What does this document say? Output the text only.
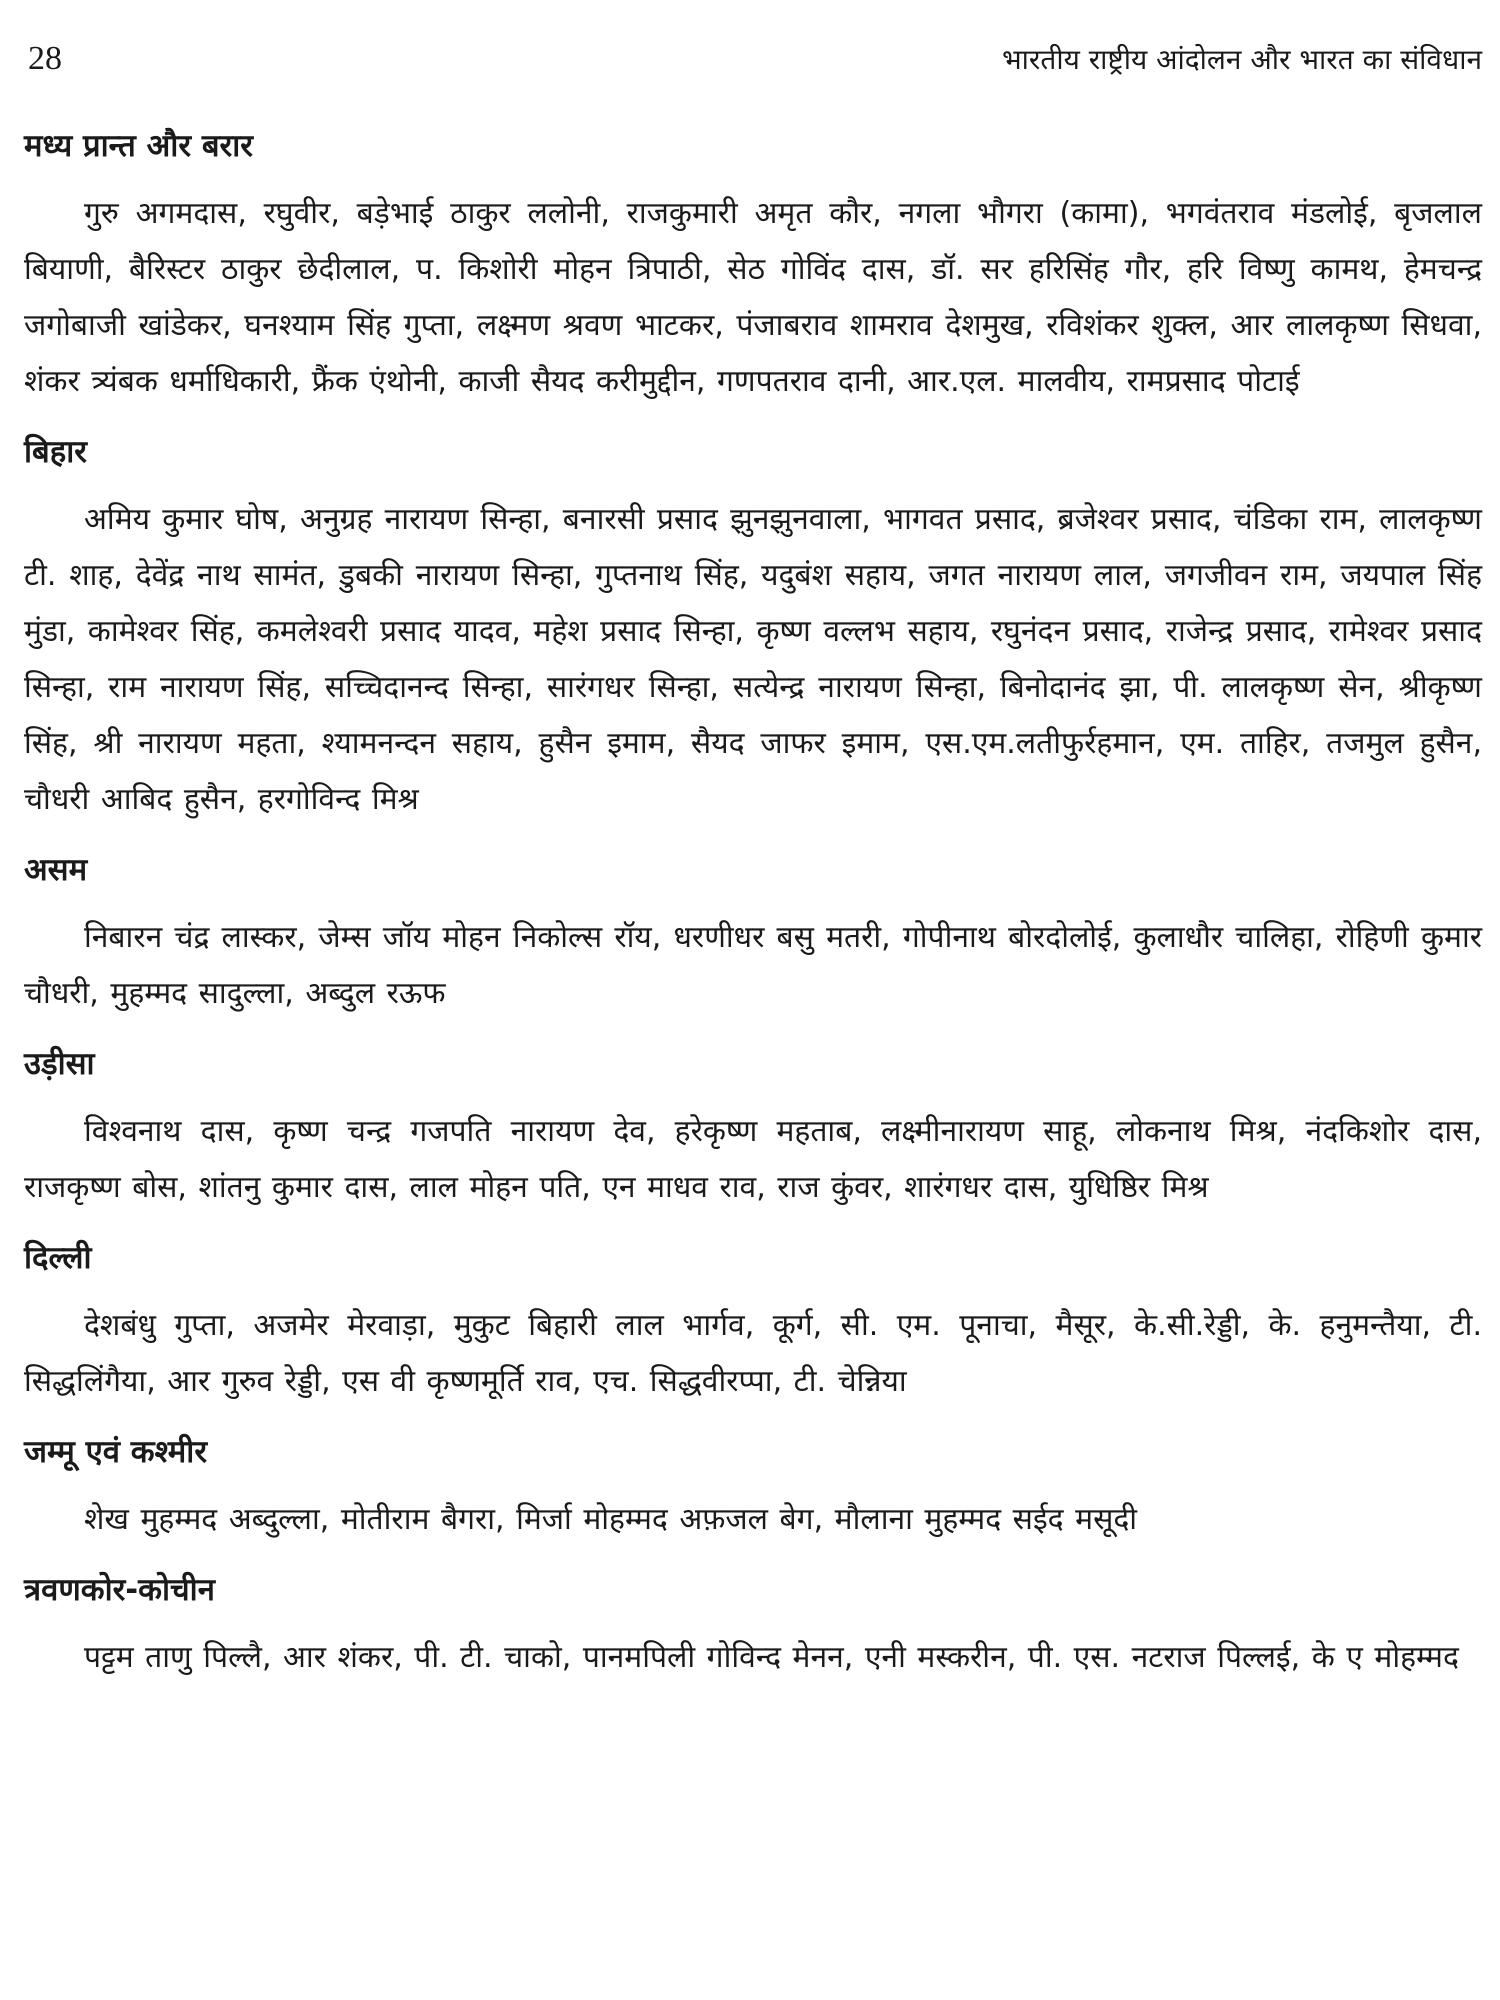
28	भारतीय राष्ट्रीय आंदोलन और भारत का संविधान
मध्य प्रान्त और बरार

गुरु अगमदास, रघुवीर, बड़ेभाई ठाकुर ललोनी, राजकुमारी अमृत कौर, नगला भौगरा (कामा), भगवंतराव मंडलोई, बृजलाल बियाणी, बैरिस्टर ठाकुर छेदीलाल, प. किशोरी मोहन त्रिपाठी, सेठ गोविंद दास, डॉ. सर हरिसिंह गौर, हरि विष्णु कामथ, हेमचन्द्र जगोबाजी खांडेकर, घनश्याम सिंह गुप्ता, लक्ष्मण श्रवण भाटकर, पंजाबराव शामराव देशमुख, रविशंकर शुक्ल, आर लालकृष्ण सिधवा, शंकर त्र्यंबक धर्माधिकारी, फ्रैंक एंथोनी, काजी सैयद करीमुद्दीन, गणपतराव दानी, आर.एल. मालवीय, रामप्रसाद पोटाई

बिहार

अमिय कुमार घोष, अनुग्रह नारायण सिन्हा, बनारसी प्रसाद झुनझुनवाला, भागवत प्रसाद, ब्रजेश्वर प्रसाद, चंडिका राम, लालकृष्ण टी. शाह, देवेंद्र नाथ सामंत, डुबकी नारायण सिन्हा, गुप्तनाथ सिंह, यदुबंश सहाय, जगत नारायण लाल, जगजीवन राम, जयपाल सिंह मुंडा, कामेश्वर सिंह, कमलेश्वरी प्रसाद यादव, महेश प्रसाद सिन्हा, कृष्ण वल्लभ सहाय, रघुनंदन प्रसाद, राजेन्द्र प्रसाद, रामेश्वर प्रसाद सिन्हा, राम नारायण सिंह, सच्चिदानन्द सिन्हा, सारंगधर सिन्हा, सत्येन्द्र नारायण सिन्हा, बिनोदानंद झा, पी. लालकृष्ण सेन, श्रीकृष्ण सिंह, श्री नारायण महता, श्यामनन्दन सहाय, हुसैन इमाम, सैयद जाफर इमाम, एस.एम.लतीफुर्रहमान, एम. ताहिर, तजमुल हुसैन, चौधरी आबिद हुसैन, हरगोविन्द मिश्र

असम

निबारन चंद्र लास्कर, जेम्स जॉय मोहन निकोल्स रॉय, धरणीधर बसु मतरी, गोपीनाथ बोरदोलोई, कुलाधौर चालिहा, रोहिणी कुमार चौधरी, मुहम्मद सादुल्ला, अब्दुल रऊफ

उड़ीसा

विश्वनाथ दास, कृष्ण चन्द्र गजपति नारायण देव, हरेकृष्ण महताब, लक्ष्मीनारायण साहू, लोकनाथ मिश्र, नंदकिशोर दास, राजकृष्ण बोस, शांतनु कुमार दास, लाल मोहन पति, एन माधव राव, राज कुंवर, शारंगधर दास, युधिष्ठिर मिश्र

दिल्ली

देशबंधु गुप्ता, अजमेर मेरवाड़ा, मुकुट बिहारी लाल भार्गव, कूर्ग, सी. एम. पूनाचा, मैसूर, के.सी.रेड्डी, के. हनुमन्तैया, टी. सिद्धलिंगैया, आर गुरुव रेड्डी, एस वी कृष्णमूर्ति राव, एच. सिद्धवीरप्पा, टी. चेन्निया

जम्मू एवं कश्मीर

शेख मुहम्मद अब्दुल्ला, मोतीराम बैगरा, मिर्जा मोहम्मद अफ़जल बेग, मौलाना मुहम्मद सईद मसूदी

त्रवणकोर-कोचीन

पट्टम ताणु पिल्लै, आर शंकर, पी. टी. चाको, पानमपिली गोविन्द मेनन, एनी मस्करीन, पी. एस. नटराज पिल्लई, के ए मोहम्मद
